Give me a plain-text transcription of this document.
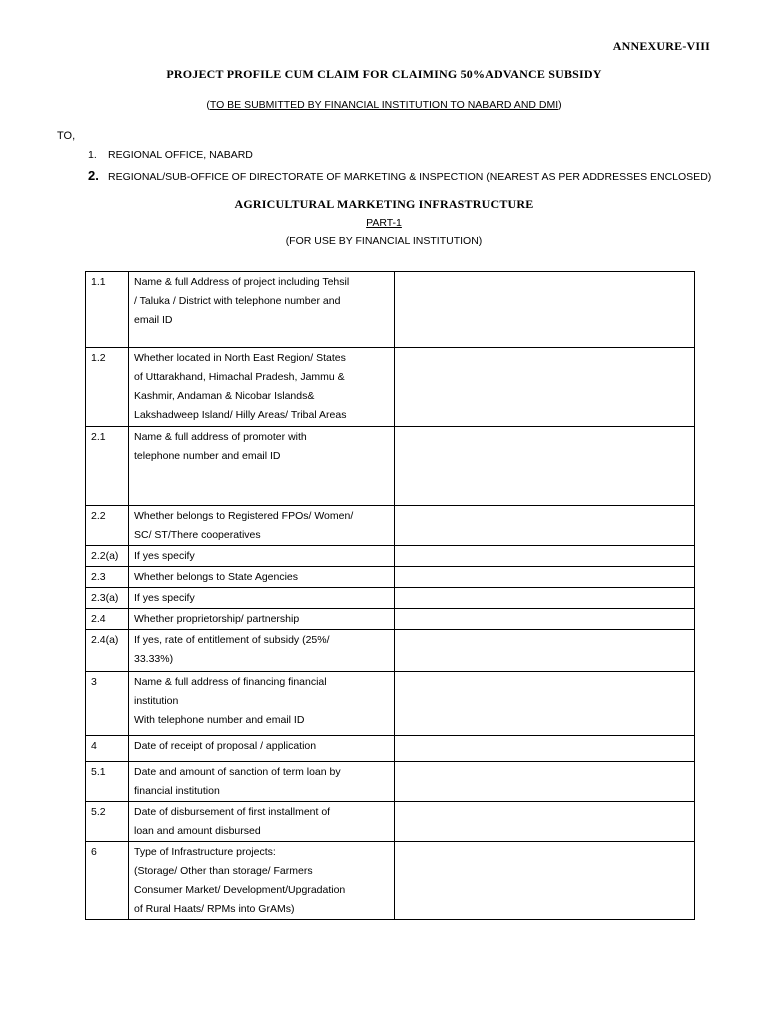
ANNEXURE-VIII
PROJECT PROFILE CUM CLAIM FOR CLAIMING 50%ADVANCE SUBSIDY
(TO BE SUBMITTED BY FINANCIAL INSTITUTION TO NABARD AND DMI)
TO,
1. REGIONAL OFFICE, NABARD
2. REGIONAL/SUB-OFFICE OF DIRECTORATE OF MARKETING & INSPECTION (NEAREST AS PER ADDRESSES ENCLOSED)
AGRICULTURAL MARKETING INFRASTRUCTURE
PART-1
(FOR USE BY FINANCIAL INSTITUTION)
1.1	Name & full Address of project including Tehsil
/ Taluka / District with telephone number and
email ID	

1.2	Whether located in North East Region/ States
of Uttarakhand, Himachal Pradesh, Jammu &
Kashmir, Andaman & Nicobar Islands&
Lakshadweep Island/ Hilly Areas/ Tribal Areas	

2.1	Name & full address of promoter with
telephone number and email ID	

2.2	Whether belongs to Registered FPOs/ Women/
SC/ ST/There cooperatives	

2.2(a)	If yes specify	

2.3	Whether belongs to State Agencies	

2.3(a)	If yes specify	

2.4	Whether proprietorship/ partnership	

2.4(a)	If yes, rate of entitlement of subsidy (25%/
33.33%)	

3	Name & full address of financing financial
institution
With telephone number and email ID	

4	Date of receipt of proposal / application	

5.1	Date and amount of sanction of term loan by
financial institution	

5.2	Date of disbursement of first installment of
loan and amount disbursed	

6	Type of Infrastructure projects:
(Storage/ Other than storage/ Farmers
Consumer Market/ Development/Upgradation
of Rural Haats/ RPMs into GrAMs)	
